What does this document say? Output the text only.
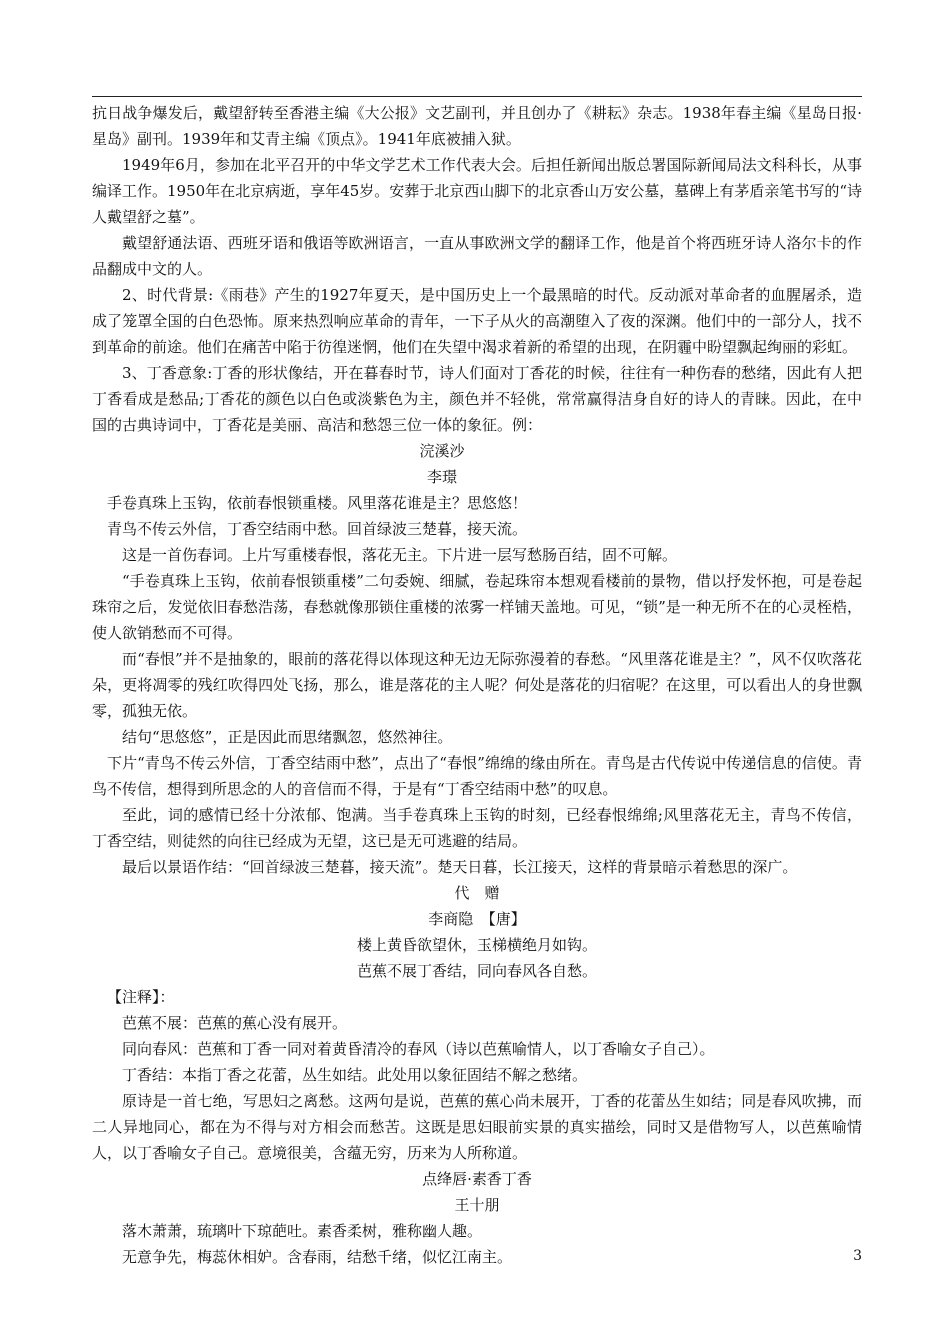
抗日战争爆发后，戴望舒转至香港主编《大公报》文艺副刊，并且创办了《耕耘》杂志。1938年春主编《星岛日报·星岛》副刊。1939年和艾青主编《顶点》。1941年底被捕入狱。

1949年6月，参加在北平召开的中华文学艺术工作代表大会。后担任新闻出版总署国际新闻局法文科科长，从事编译工作。1950年在北京病逝，享年45岁。安葬于北京西山脚下的北京香山万安公墓，墓碑上有茅盾亲笔书写的“诗人戴望舒之墓”。

戴望舒通法语、西班牙语和俄语等欧洲语言，一直从事欧洲文学的翻译工作，他是首个将西班牙诗人洛尔卡的作品翻成中文的人。

2、时代背景:《雨巷》产生的1927年夏天，是中国历史上一个最黑暗的时代。反动派对革命者的血腥屠杀，造成了笼罩全国的白色恐怖。原来热烈响应革命的青年，一下子从火的高潮堕入了夜的深渊。他们中的一部分人，找不到革命的前途。他们在痛苦中陷于彷徨迷惘，他们在失望中渴求着新的希望的出现，在阴霾中盼望飘起绚丽的彩虹。

3、丁香意象:丁香的形状像结，开在暮春时节，诗人们面对丁香花的时候，往往有一种伤春的愁绪，因此有人把丁香看成是愁品;丁香花的颜色以白色或淡紫色为主，颜色并不轻佻，常常赢得洁身自好的诗人的青睐。因此，在中国的古典诗词中，丁香花是美丽、高洁和愁怨三位一体的象征。例：

浣溪沙

李璟

手卷真珠上玉钩，依前春恨锁重楼。风里落花谁是主？思悠悠！

青鸟不传云外信，丁香空结雨中愁。回首绿波三楚暮，接天流。

这是一首伤春词。上片写重楼春恨，落花无主。下片进一层写愁肠百结，固不可解。

“手卷真珠上玉钩，依前春恨锁重楼”二句委婉、细腻，卷起珠帘本想观看楼前的景物，借以抒发怀抱，可是卷起珠帘之后，发觉依旧春愁浩荡，春愁就像那锁住重楼的浓雾一样铺天盖地。可见，“锁”是一种无所不在的心灵桎梏，使人欲销愁而不可得。

而“春恨”并不是抽象的，眼前的落花得以体现这种无边无际弥漫着的春愁。“风里落花谁是主？”，风不仅吹落花朵，更将凋零的残红吹得四处飞扬，那么，谁是落花的主人呢？何处是落花的归宿呢？在这里，可以看出人的身世飘零，孤独无依。

结句“思悠悠”，正是因此而思绪飘忽，悠然神往。

下片“青鸟不传云外信，丁香空结雨中愁”，点出了“春恨”绵绵的缘由所在。青鸟是古代传说中传递信息的信使。青鸟不传信，想得到所思念的人的音信而不得，于是有“丁香空结雨中愁”的叹息。

至此，词的感情已经十分浓郁、饱满。当手卷真珠上玉钩的时刻，已经春恨绵绵;风里落花无主，青鸟不传信，丁香空结，则徒然的向往已经成为无望，这已是无可逃避的结局。

最后以景语作结：“回首绿波三楚暮，接天流”。楚天日暮，长江接天，这样的背景暗示着愁思的深广。

代　赠

李商隐　【唐】

楼上黄昏欲望休，玉梯横绝月如钩。

芭蕉不展丁香结，同向春风各自愁。

【注释】：

芭蕉不展：芭蕉的蕉心没有展开。

同向春风：芭蕉和丁香一同对着黄昏清冷的春风（诗以芭蕉喻情人，以丁香喻女子自己）。

丁香结：本指丁香之花蕾，丛生如结。此处用以象征固结不解之愁绪。

原诗是一首七绝，写思妇之离愁。这两句是说，芭蕉的蕉心尚未展开，丁香的花蕾丛生如结；同是春风吹拂，而二人异地同心，都在为不得与对方相会而愁苦。这既是思妇眼前实景的真实描绘，同时又是借物写人，以芭蕉喻情人，以丁香喻女子自己。意境很美，含蕴无穷，历来为人所称道。

点绛唇·素香丁香

王十朋

落木萧萧，琉璃叶下琼葩吐。素香柔树，雅称幽人趣。

无意争先，梅蕊休相妒。含春雨，结愁千绪，似忆江南主。	3
